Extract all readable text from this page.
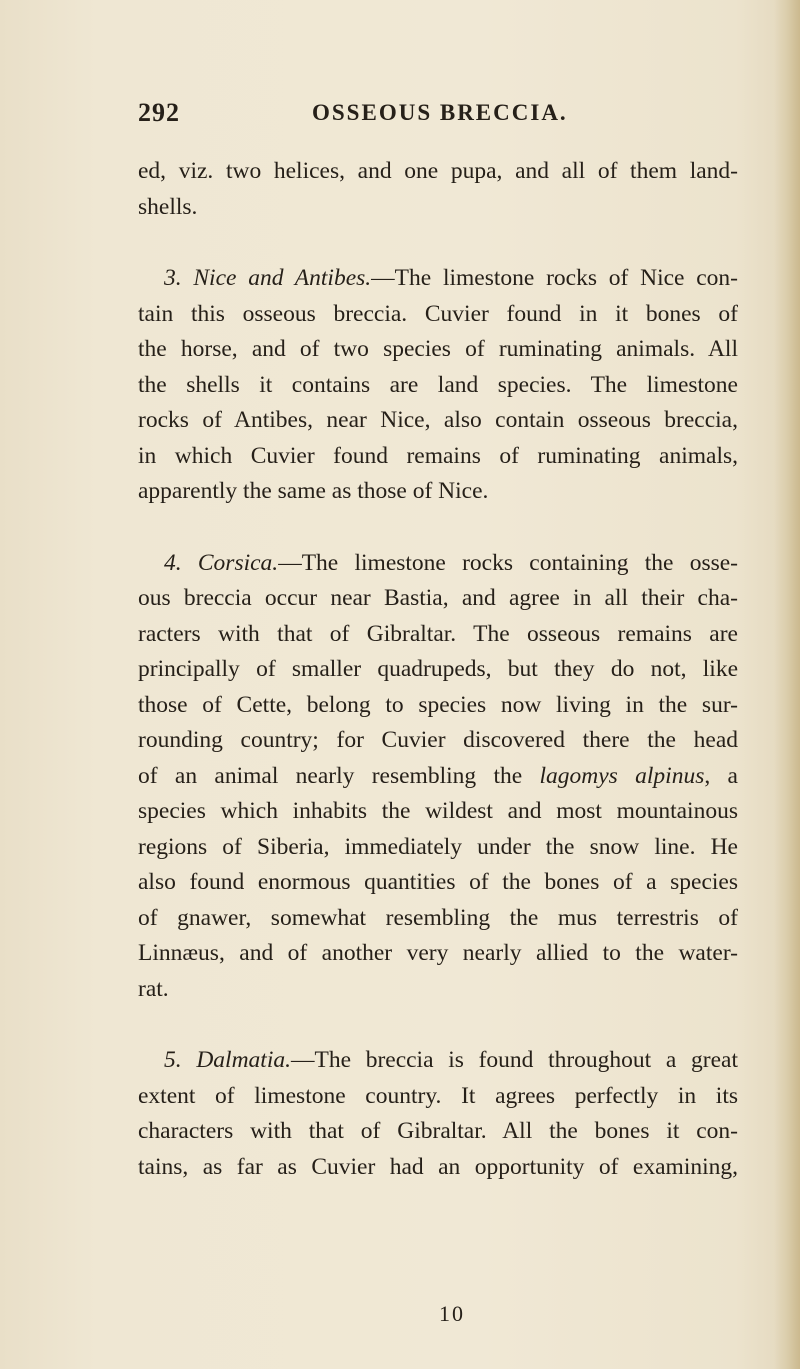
292	OSSEOUS BRECCIA.
ed, viz. two helices, and one pupa, and all of them land-
shells.
3. Nice and Antibes.—The limestone rocks of Nice con-
tain this osseous breccia. Cuvier found in it bones of
the horse, and of two species of ruminating animals. All
the shells it contains are land species. The limestone
rocks of Antibes, near Nice, also contain osseous breccia,
in which Cuvier found remains of ruminating animals,
apparently the same as those of Nice.
4. Corsica.—The limestone rocks containing the osse-
ous breccia occur near Bastia, and agree in all their cha-
racters with that of Gibraltar. The osseous remains are
principally of smaller quadrupeds, but they do not, like
those of Cette, belong to species now living in the sur-
rounding country; for Cuvier discovered there the head
of an animal nearly resembling the lagomys alpinus, a
species which inhabits the wildest and most mountainous
regions of Siberia, immediately under the snow line. He
also found enormous quantities of the bones of a species
of gnawer, somewhat resembling the mus terrestris of
Linnæus, and of another very nearly allied to the water-
rat.
5. Dalmatia.—The breccia is found throughout a great
extent of limestone country. It agrees perfectly in its
characters with that of Gibraltar. All the bones it con-
tains, as far as Cuvier had an opportunity of examining,
10
